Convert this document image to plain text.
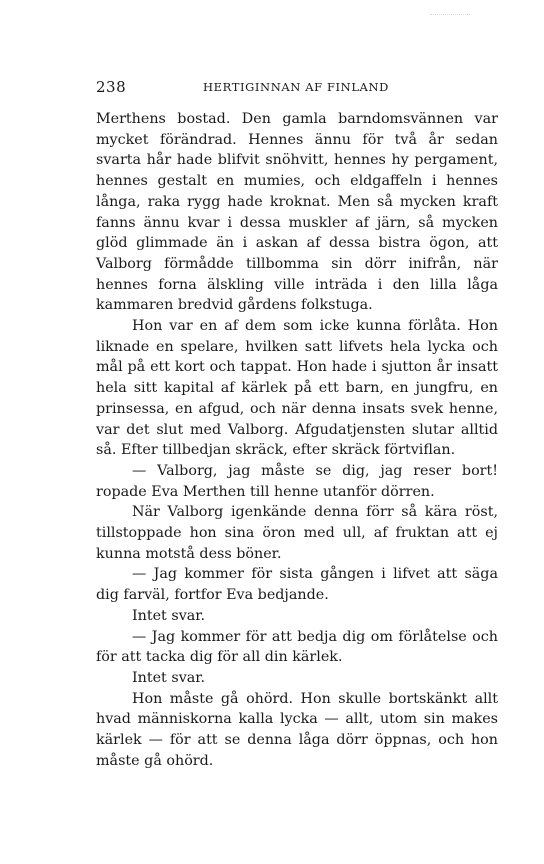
238	HERTIGINNAN AF FINLAND

Merthens bostad. Den gamla barndomsvännen var mycket förändrad. Hennes ännu för två år sedan svarta hår hade blifvit snöhvitt, hennes hy pergament, hennes gestalt en mumies, och eldgaffeln i hennes långa, raka rygg hade kroknat. Men så mycken kraft fanns ännu kvar i dessa muskler af järn, så mycken glöd glimmade än i askan af dessa bistra ögon, att Valborg förmådde tillbomma sin dörr inifrån, när hennes forna älskling ville inträda i den lilla låga kammaren bredvid gårdens folkstuga.

Hon var en af dem som icke kunna förlåta. Hon liknade en spelare, hvilken satt lifvets hela lycka och mål på ett kort och tappat. Hon hade i sjutton år insatt hela sitt kapital af kärlek på ett barn, en jungfru, en prinsessa, en afgud, och när denna insats svek henne, var det slut med Valborg. Afgudatjensten slutar alltid så. Efter tillbedjan skräck, efter skräck förtviflan.

— Valborg, jag måste se dig, jag reser bort! ropade Eva Merthen till henne utanför dörren.

När Valborg igenkände denna förr så kära röst, tillstoppade hon sina öron med ull, af fruktan att ej kunna motstå dess böner.

— Jag kommer för sista gången i lifvet att säga dig farväl, fortfor Eva bedjande.

Intet svar.

— Jag kommer för att bedja dig om förlåtelse och för att tacka dig för all din kärlek.

Intet svar.

Hon måste gå ohörd. Hon skulle bortskänkt allt hvad människorna kalla lycka — allt, utom sin makes kärlek — för att se denna låga dörr öppnas, och hon måste gå ohörd.
